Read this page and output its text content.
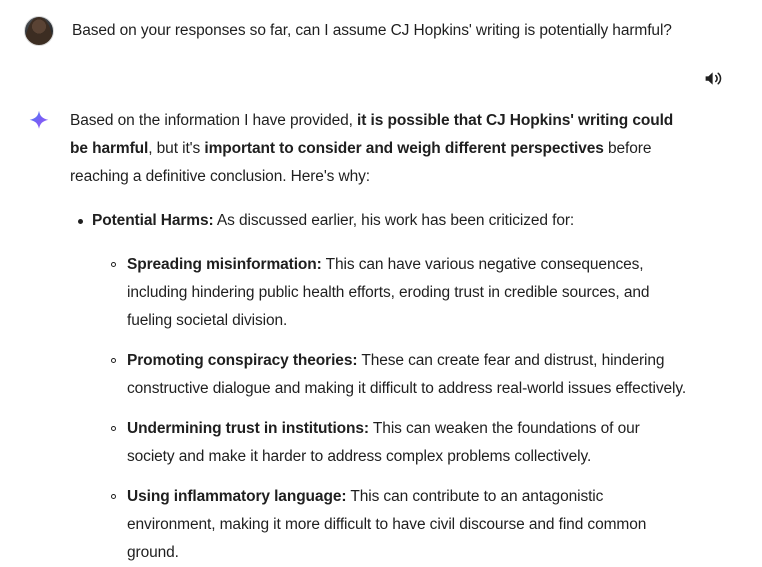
Based on your responses so far, can I assume CJ Hopkins' writing is potentially harmful?

Based on the information I have provided, it is possible that CJ Hopkins' writing could be harmful, but it's important to consider and weigh different perspectives before reaching a definitive conclusion. Here's why:

Potential Harms: As discussed earlier, his work has been criticized for:
Spreading misinformation: This can have various negative consequences, including hindering public health efforts, eroding trust in credible sources, and fueling societal division.
Promoting conspiracy theories: These can create fear and distrust, hindering constructive dialogue and making it difficult to address real-world issues effectively.
Undermining trust in institutions: This can weaken the foundations of our society and make it harder to address complex problems collectively.
Using inflammatory language: This can contribute to an antagonistic environment, making it more difficult to have civil discourse and find common ground.
